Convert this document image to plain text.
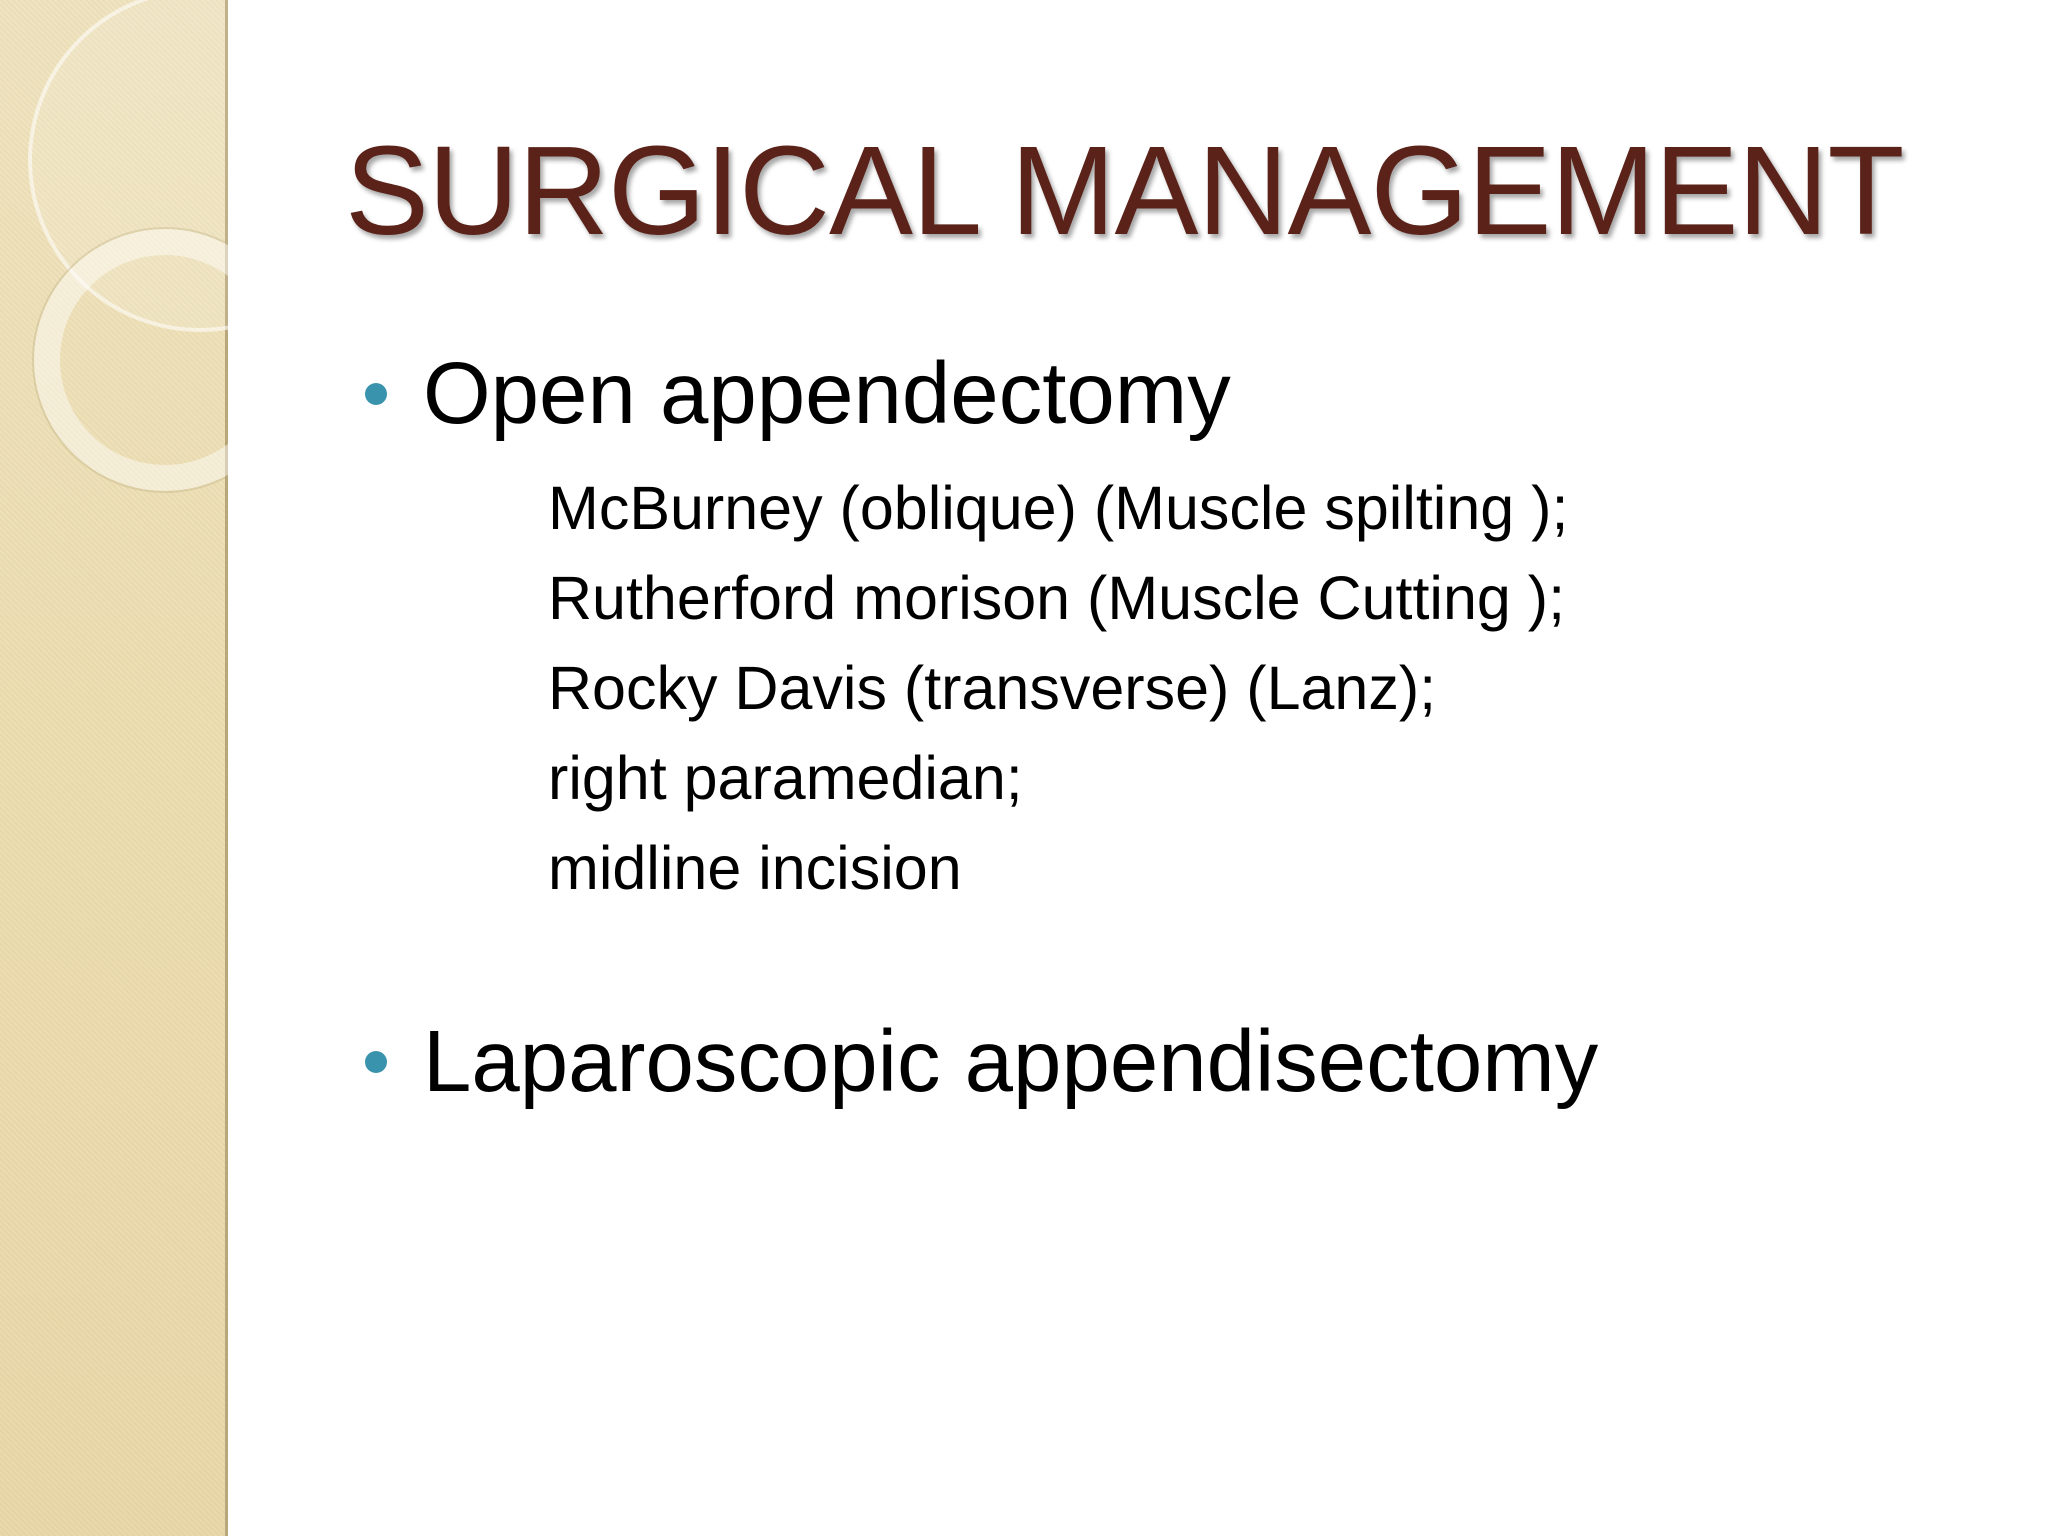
SURGICAL MANAGEMENT
Open appendectomy
McBurney (oblique) (Muscle spilting );
Rutherford morison (Muscle Cutting );
Rocky Davis (transverse) (Lanz);
right paramedian;
midline incision
Laparoscopic appendisectomy
